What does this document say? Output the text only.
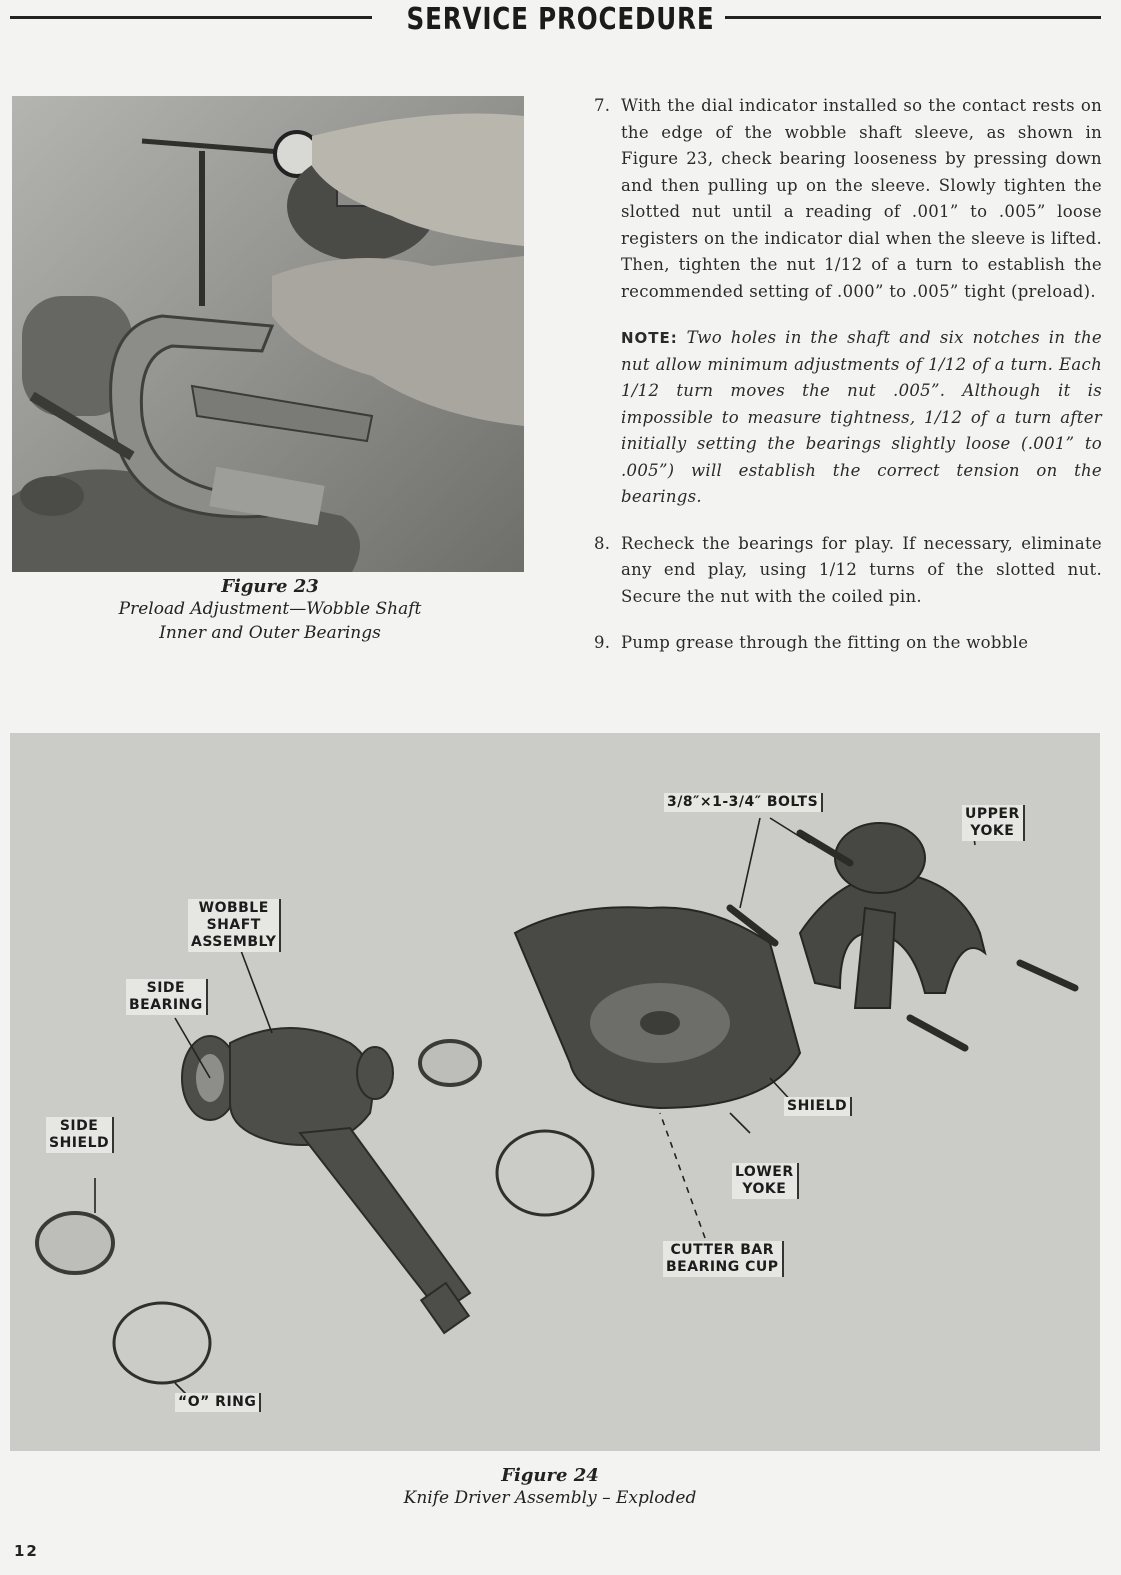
SERVICE PROCEDURE
Figure 23
Preload Adjustment—Wobble Shaft
Inner and Outer Bearings

7. With the dial indicator installed so the contact rests on the edge of the wobble shaft sleeve, as shown in Figure 23, check bearing looseness by pressing down and then pulling up on the sleeve. Slowly tighten the slotted nut until a reading of .001” to .005” loose registers on the indicator dial when the sleeve is lifted. Then, tighten the nut 1/12 of a turn to establish the recommended setting of .000” to .005” tight (preload).

NOTE: Two holes in the shaft and six notches in the nut allow minimum adjustments of 1/12 of a turn. Each 1/12 turn moves the nut .005”. Although it is impossible to measure tightness, 1/12 of a turn after initially setting the bearings slightly loose (.001” to .005”) will establish the correct tension on the bearings.

8. Recheck the bearings for play. If necessary, eliminate any end play, using 1/12 turns of the slotted nut. Secure the nut with the coiled pin.

9. Pump grease through the fitting on the wobble

3/8″×1-3/4″ BOLTS
UPPER
YOKE
WOBBLE
SHAFT
ASSEMBLY
SIDE
BEARING
SIDE
SHIELD
SHIELD
LOWER
YOKE
CUTTER BAR
BEARING CUP
“O” RING
Figure 24
Knife Driver Assembly – Exploded
12
